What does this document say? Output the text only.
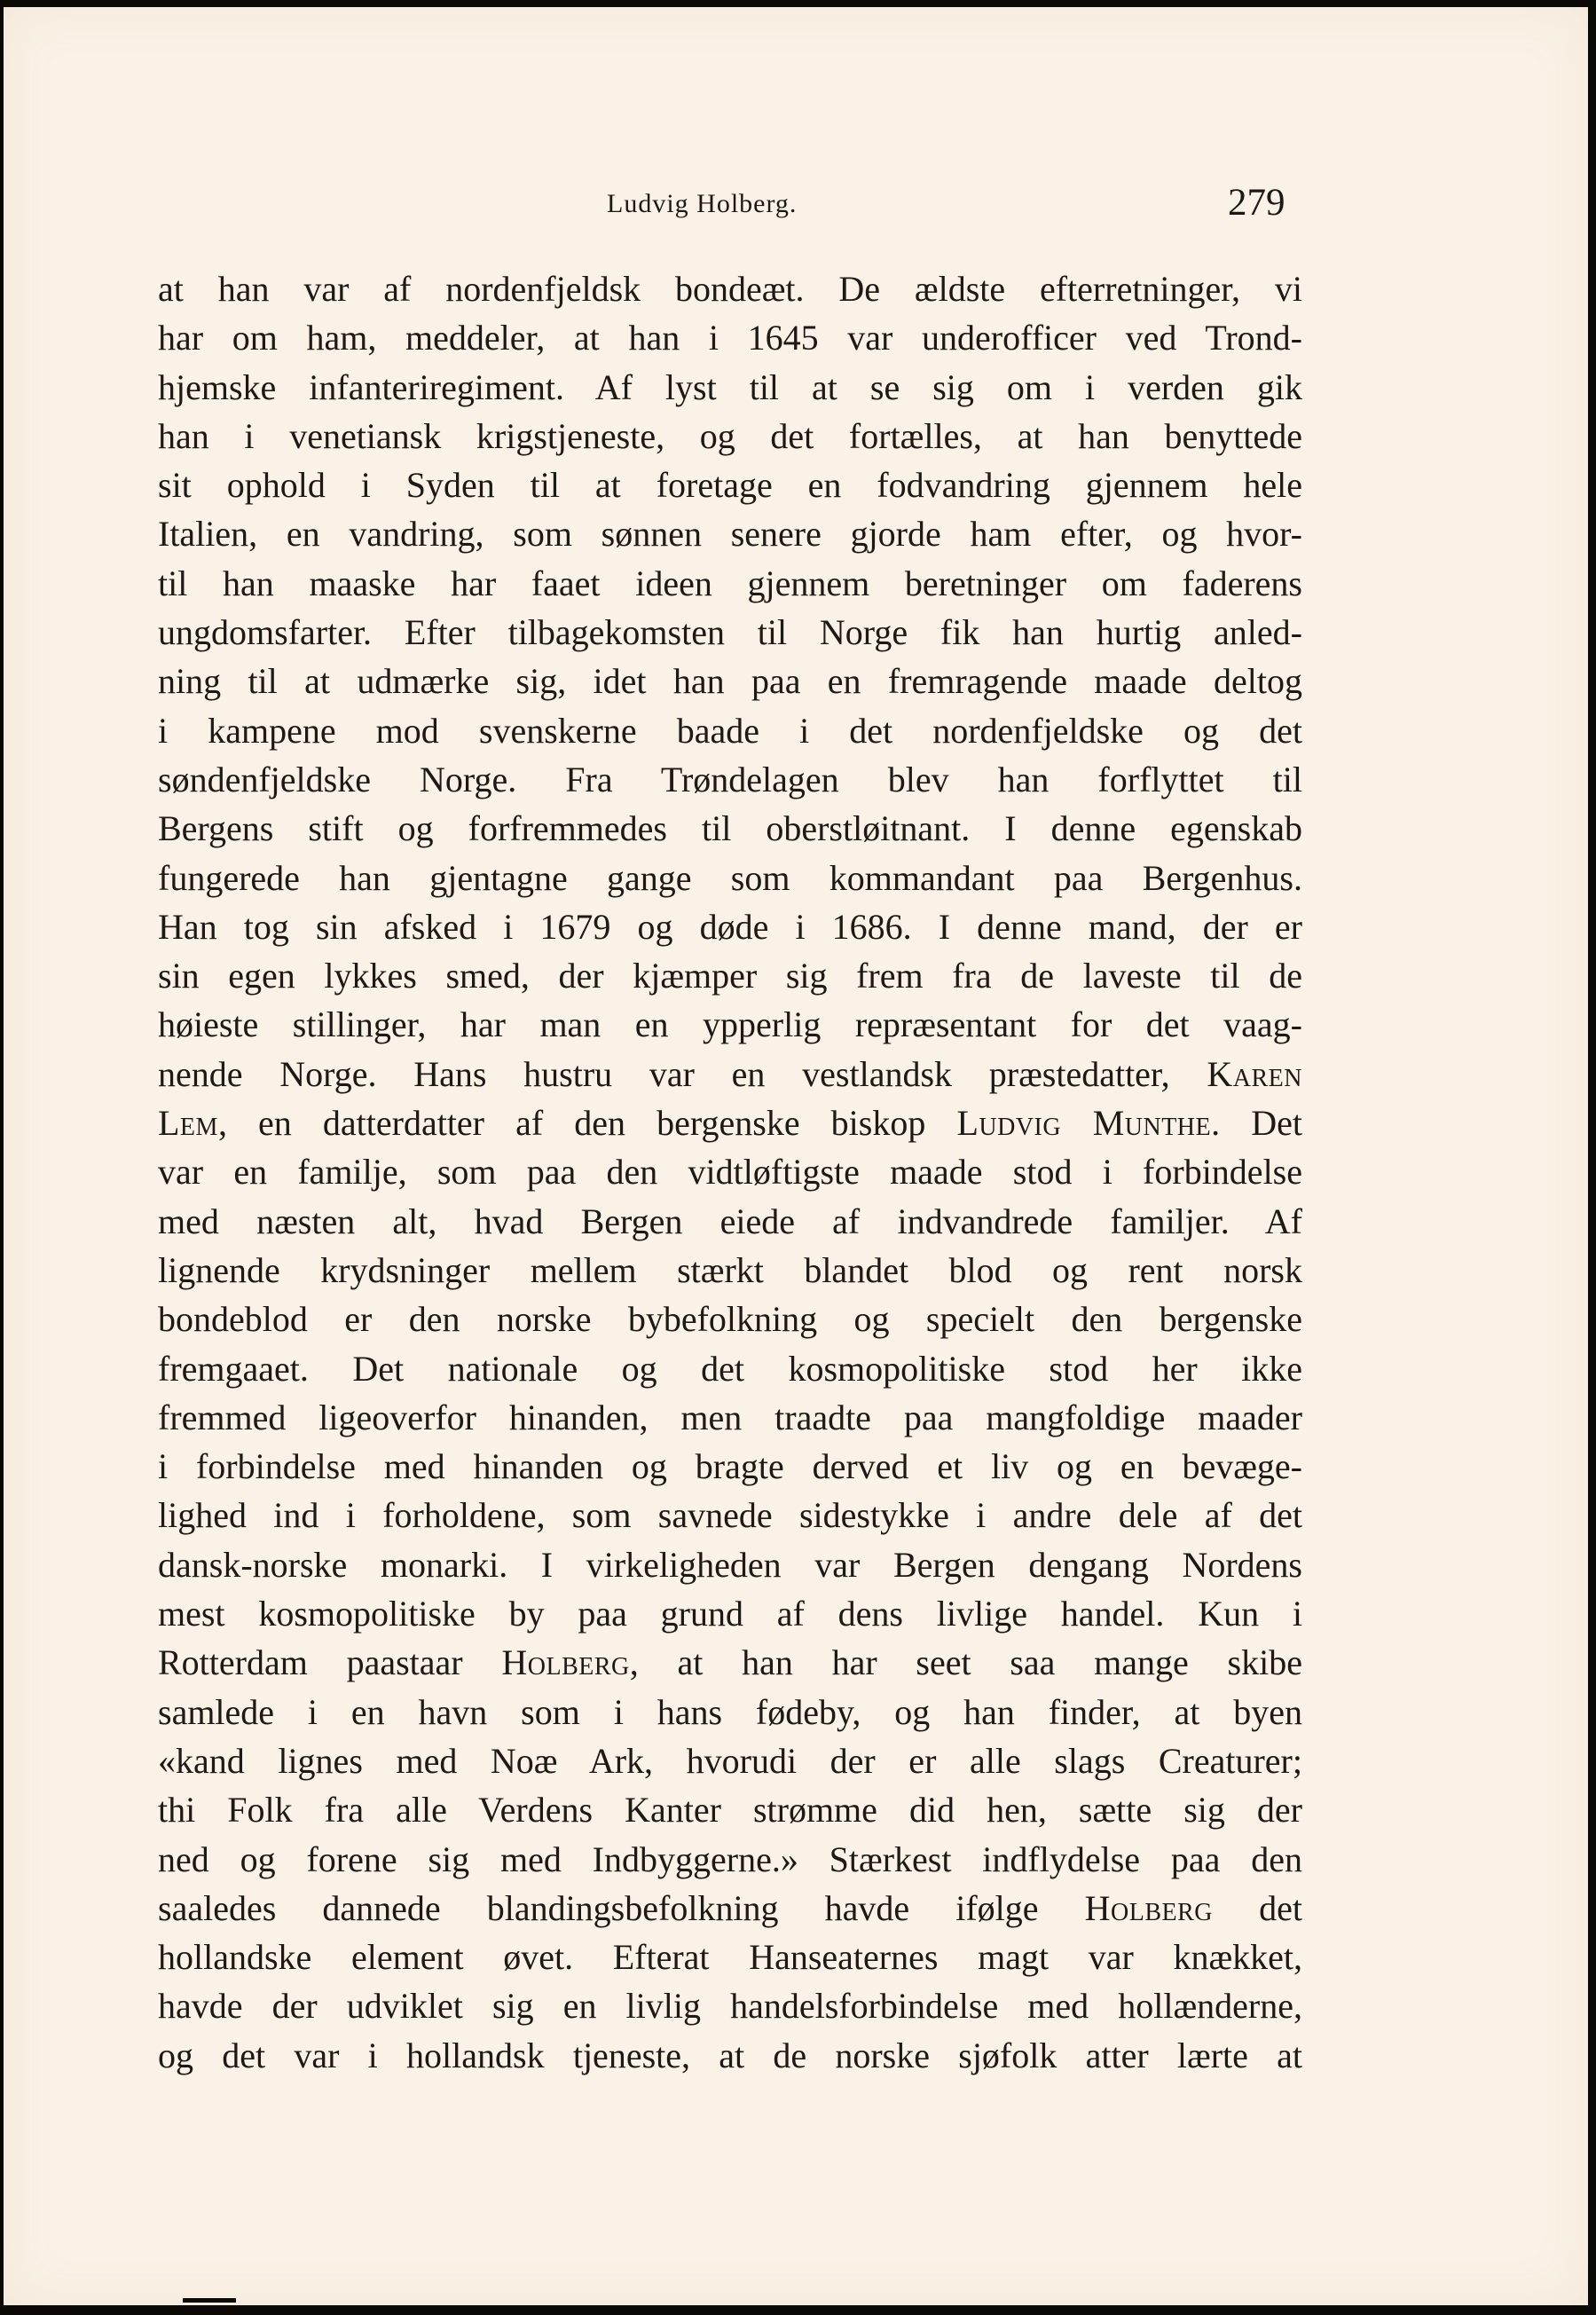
Ludvig Holberg.	279
at han var af nordenfjeldsk bondeæt. De ældste efterretninger, vi
har om ham, meddeler, at han i 1645 var underofficer ved Trond-
hjemske infanteriregiment. Af lyst til at se sig om i verden gik
han i venetiansk krigstjeneste, og det fortælles, at han benyttede
sit ophold i Syden til at foretage en fodvandring gjennem hele
Italien, en vandring, som sønnen senere gjorde ham efter, og hvor-
til han maaske har faaet ideen gjennem beretninger om faderens
ungdomsfarter. Efter tilbagekomsten til Norge fik han hurtig anled-
ning til at udmærke sig, idet han paa en fremragende maade deltog
i kampene mod svenskerne baade i det nordenfjeldske og det
søndenfjeldske Norge. Fra Trøndelagen blev han forflyttet til
Bergens stift og forfremmedes til oberstløitnant. I denne egenskab
fungerede han gjentagne gange som kommandant paa Bergenhus.
Han tog sin afsked i 1679 og døde i 1686. I denne mand, der er
sin egen lykkes smed, der kjæmper sig frem fra de laveste til de
høieste stillinger, har man en ypperlig repræsentant for det vaag-
nende Norge. Hans hustru var en vestlandsk præstedatter, Karen
Lem, en datterdatter af den bergenske biskop Ludvig Munthe. Det
var en familje, som paa den vidtløftigste maade stod i forbindelse
med næsten alt, hvad Bergen eiede af indvandrede familjer. Af
lignende krydsninger mellem stærkt blandet blod og rent norsk
bondeblod er den norske bybefolkning og specielt den bergenske
fremgaaet. Det nationale og det kosmopolitiske stod her ikke
fremmed ligeoverfor hinanden, men traadte paa mangfoldige maader
i forbindelse med hinanden og bragte derved et liv og en bevæge-
lighed ind i forholdene, som savnede sidestykke i andre dele af det
dansk-norske monarki. I virkeligheden var Bergen dengang Nordens
mest kosmopolitiske by paa grund af dens livlige handel. Kun i
Rotterdam paastaar Holberg, at han har seet saa mange skibe
samlede i en havn som i hans fødeby, og han finder, at byen
«kand lignes med Noæ Ark, hvorudi der er alle slags Creaturer;
thi Folk fra alle Verdens Kanter strømme did hen, sætte sig der
ned og forene sig med Indbyggerne.» Stærkest indflydelse paa den
saaledes dannede blandingsbefolkning havde ifølge Holberg det
hollandske element øvet. Efterat Hanseaternes magt var knækket,
havde der udviklet sig en livlig handelsforbindelse med hollænderne,
og det var i hollandsk tjeneste, at de norske sjøfolk atter lærte at
